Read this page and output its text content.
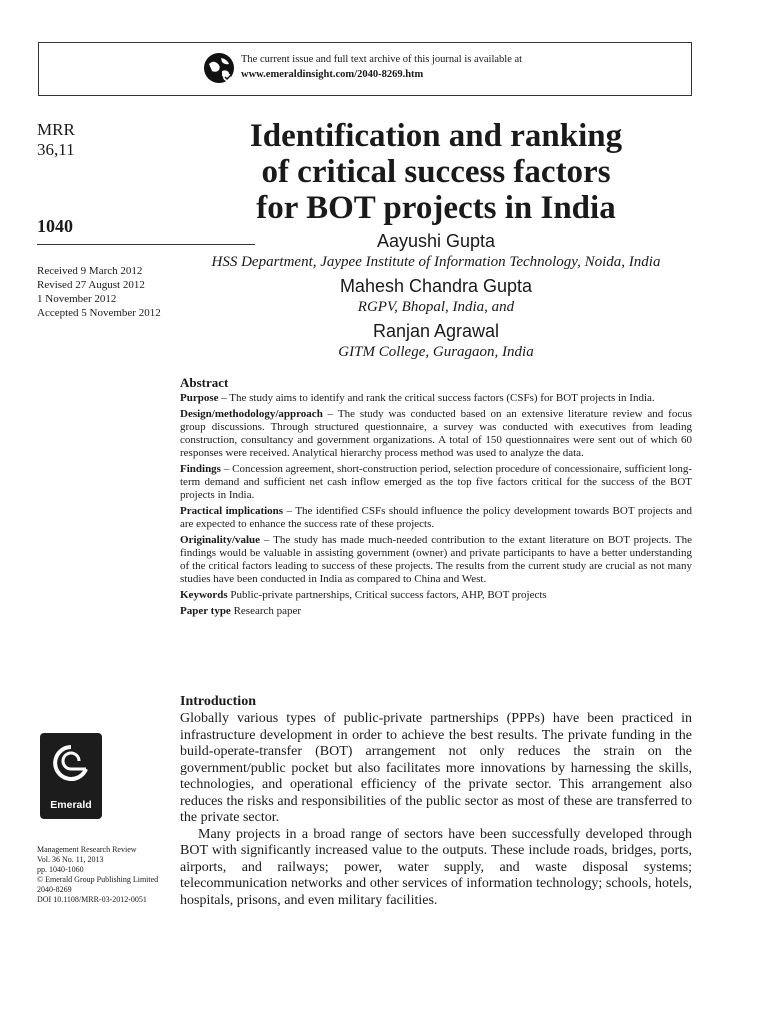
The current issue and full text archive of this journal is available at
www.emeraldinsight.com/2040-8269.htm
MRR
36,11
1040
Received 9 March 2012
Revised 27 August 2012
1 November 2012
Accepted 5 November 2012
Identification and ranking
of critical success factors
for BOT projects in India
Aayushi Gupta
HSS Department, Jaypee Institute of Information Technology, Noida, India
Mahesh Chandra Gupta
RGPV, Bhopal, India, and
Ranjan Agrawal
GITM College, Guragaon, India
Abstract

Purpose – The study aims to identify and rank the critical success factors (CSFs) for BOT projects in India.

Design/methodology/approach – The study was conducted based on an extensive literature review and focus group discussions. Through structured questionnaire, a survey was conducted with executives from leading construction, consultancy and government organizations. A total of 150 questionnaires were sent out of which 60 responses were received. Analytical hierarchy process method was used to analyze the data.

Findings – Concession agreement, short-construction period, selection procedure of concessionaire, sufficient long-term demand and sufficient net cash inflow emerged as the top five factors critical for the success of the BOT projects in India.

Practical implications – The identified CSFs should influence the policy development towards BOT projects and are expected to enhance the success rate of these projects.

Originality/value – The study has made much-needed contribution to the extant literature on BOT projects. The findings would be valuable in assisting government (owner) and private participants to have a better understanding of the critical factors leading to success of these projects. The results from the current study are crucial as not many studies have been conducted in India as compared to China and West.

Keywords Public-private partnerships, Critical success factors, AHP, BOT projects

Paper type Research paper

Introduction

Globally various types of public-private partnerships (PPPs) have been practiced in infrastructure development in order to achieve the best results. The private funding in the build-operate-transfer (BOT) arrangement not only reduces the strain on the government/public pocket but also facilitates more innovations by harnessing the skills, technologies, and operational efficiency of the private sector. This arrangement also reduces the risks and responsibilities of the public sector as most of these are transferred to the private sector.

Many projects in a broad range of sectors have been successfully developed through BOT with significantly increased value to the outputs. These include roads, bridges, ports, airports, and railways; power, water supply, and waste disposal systems; telecommunication networks and other services of information technology; schools, hotels, hospitals, prisons, and even military facilities.

Emerald
Management Research Review
Vol. 36 No. 11, 2013
pp. 1040-1060
© Emerald Group Publishing Limited
2040-8269
DOI 10.1108/MRR-03-2012-0051
